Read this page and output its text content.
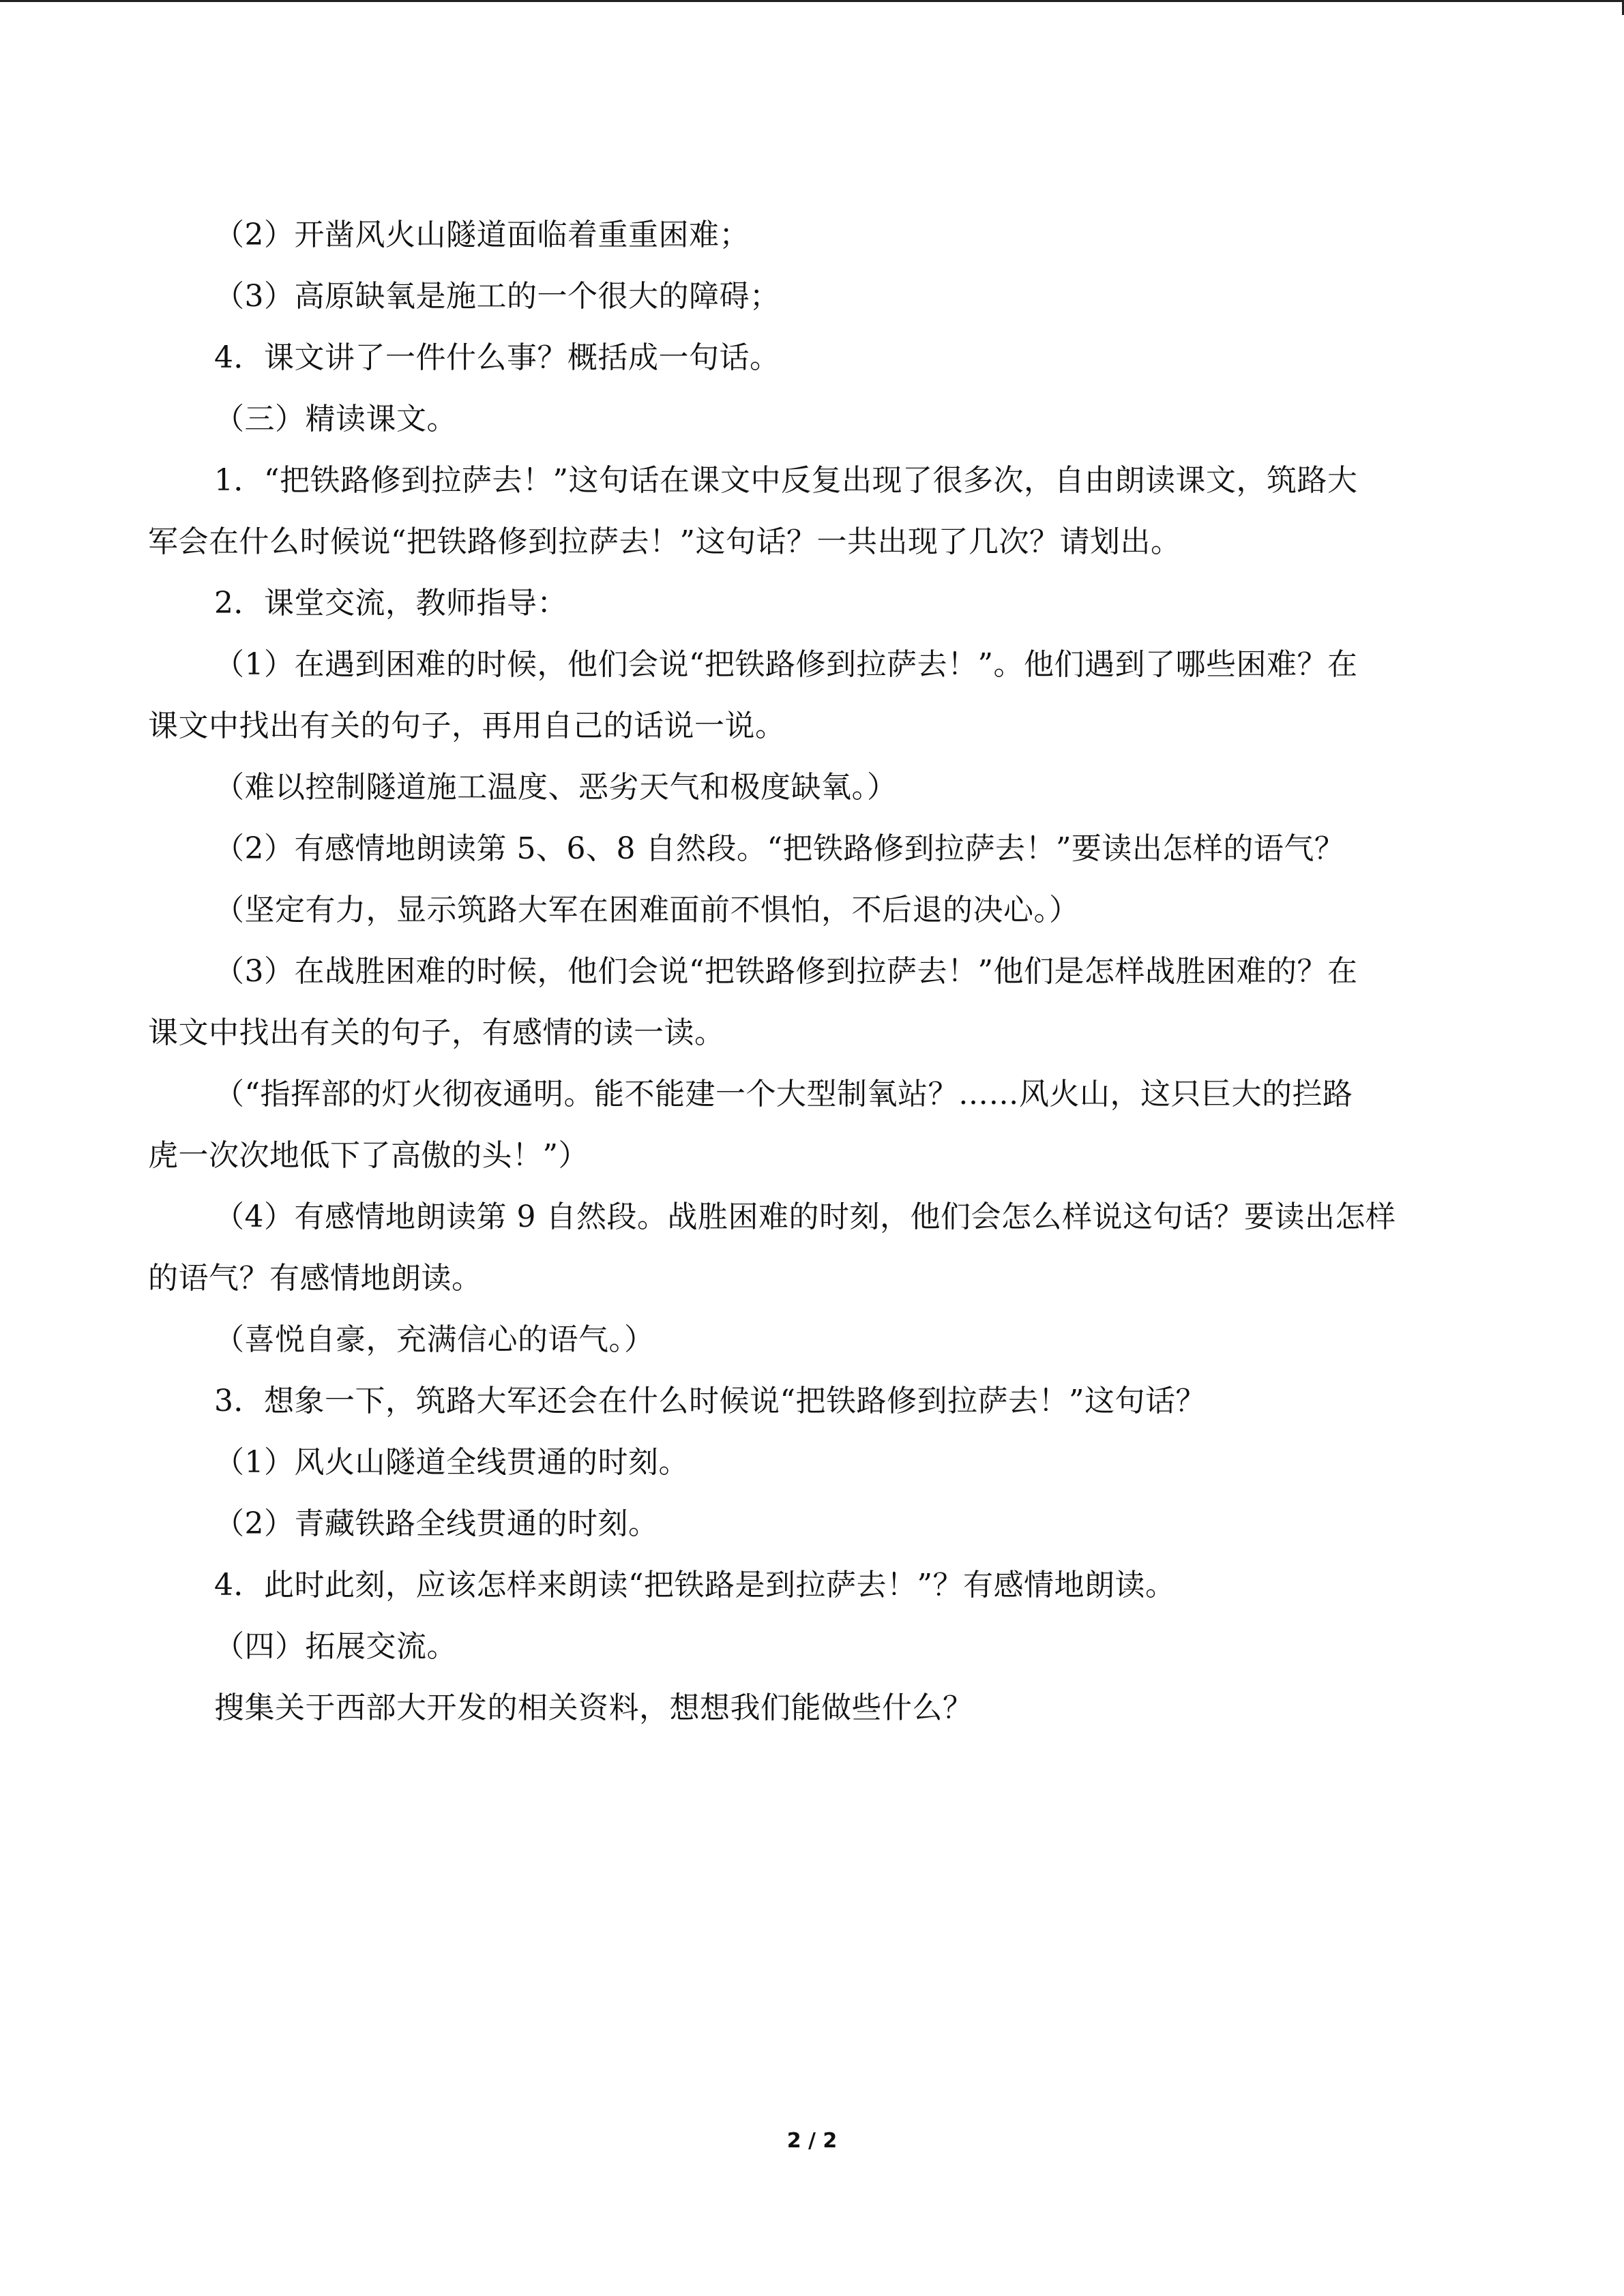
（2）开凿风火山隧道面临着重重困难；
（3）高原缺氧是施工的一个很大的障碍；
4．课文讲了一件什么事？概括成一句话。
（三）精读课文。
1．“把铁路修到拉萨去！”这句话在课文中反复出现了很多次，自由朗读课文，筑路大
军会在什么时候说“把铁路修到拉萨去！”这句话？一共出现了几次？请划出。
2．课堂交流，教师指导：
（1）在遇到困难的时候，他们会说“把铁路修到拉萨去！”。他们遇到了哪些困难？在
课文中找出有关的句子，再用自己的话说一说。
（难以控制隧道施工温度、恶劣天气和极度缺氧。）
（2）有感情地朗读第 5、6、8 自然段。“把铁路修到拉萨去！”要读出怎样的语气？
（坚定有力，显示筑路大军在困难面前不惧怕，不后退的决心。）
（3）在战胜困难的时候，他们会说“把铁路修到拉萨去！”他们是怎样战胜困难的？在
课文中找出有关的句子，有感情的读一读。
（“指挥部的灯火彻夜通明。能不能建一个大型制氧站？……风火山，这只巨大的拦路
虎一次次地低下了高傲的头！”）
（4）有感情地朗读第 9 自然段。战胜困难的时刻，他们会怎么样说这句话？要读出怎样
的语气？有感情地朗读。
（喜悦自豪，充满信心的语气。）
3．想象一下，筑路大军还会在什么时候说“把铁路修到拉萨去！”这句话？
（1）风火山隧道全线贯通的时刻。
（2）青藏铁路全线贯通的时刻。
4．此时此刻，应该怎样来朗读“把铁路是到拉萨去！”？有感情地朗读。
（四）拓展交流。
搜集关于西部大开发的相关资料，想想我们能做些什么？
2 / 2
